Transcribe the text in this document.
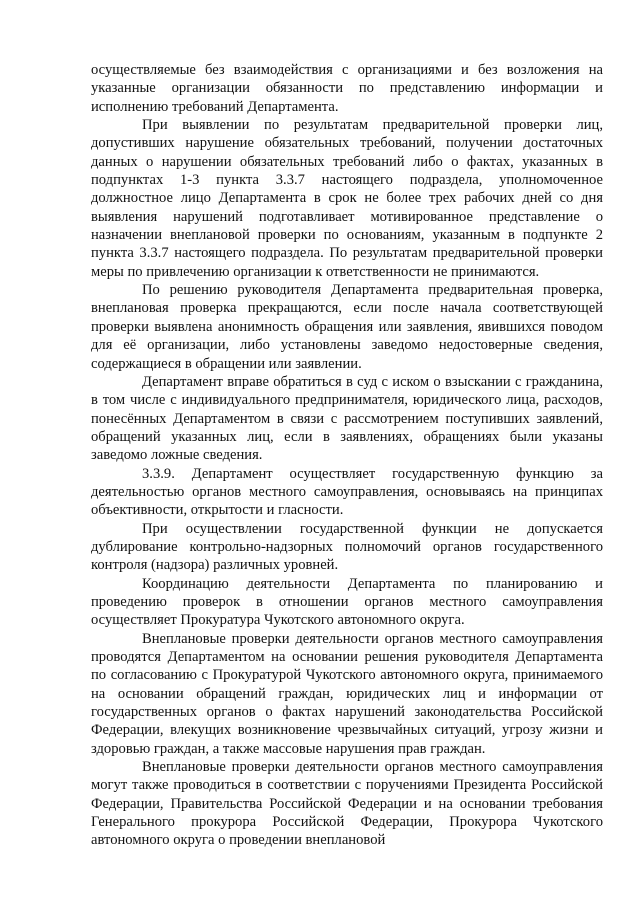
осуществляемые без взаимодействия с организациями и без возложения на указанные организации обязанности по представлению информации и исполнению требований Департамента.

При выявлении по результатам предварительной проверки лиц, допустивших нарушение обязательных требований, получении достаточных данных о нарушении обязательных требований либо о фактах, указанных в подпунктах 1-3 пункта 3.3.7 настоящего подраздела, уполномоченное должностное лицо Департамента в срок не более трех рабочих дней со дня выявления нарушений подготавливает мотивированное представление о назначении внеплановой проверки по основаниям, указанным в подпункте 2 пункта 3.3.7 настоящего подраздела. По результатам предварительной проверки меры по привлечению организации к ответственности не принимаются.

По решению руководителя Департамента предварительная проверка, внеплановая проверка прекращаются, если после начала соответствующей проверки выявлена анонимность обращения или заявления, явившихся поводом для её организации, либо установлены заведомо недостоверные сведения, содержащиеся в обращении или заявлении.

Департамент вправе обратиться в суд с иском о взыскании с гражданина, в том числе с индивидуального предпринимателя, юридического лица, расходов, понесённых Департаментом в связи с рассмотрением поступивших заявлений, обращений указанных лиц, если в заявлениях, обращениях были указаны заведомо ложные сведения.

3.3.9. Департамент осуществляет государственную функцию за деятельностью органов местного самоуправления, основываясь на принципах объективности, открытости и гласности.

При осуществлении государственной функции не допускается дублирование контрольно-надзорных полномочий органов государственного контроля (надзора) различных уровней.

Координацию деятельности Департамента по планированию и проведению проверок в отношении органов местного самоуправления осуществляет Прокуратура Чукотского автономного округа.

Внеплановые проверки деятельности органов местного самоуправления проводятся Департаментом на основании решения руководителя Департамента по согласованию с Прокуратурой Чукотского автономного округа, принимаемого на основании обращений граждан, юридических лиц и информации от государственных органов о фактах нарушений законодательства Российской Федерации, влекущих возникновение чрезвычайных ситуаций, угрозу жизни и здоровью граждан, а также массовые нарушения прав граждан.

Внеплановые проверки деятельности органов местного самоуправления могут также проводиться в соответствии с поручениями Президента Российской Федерации, Правительства Российской Федерации и на основании требования Генерального прокурора Российской Федерации, Прокурора Чукотского автономного округа о проведении внеплановой
